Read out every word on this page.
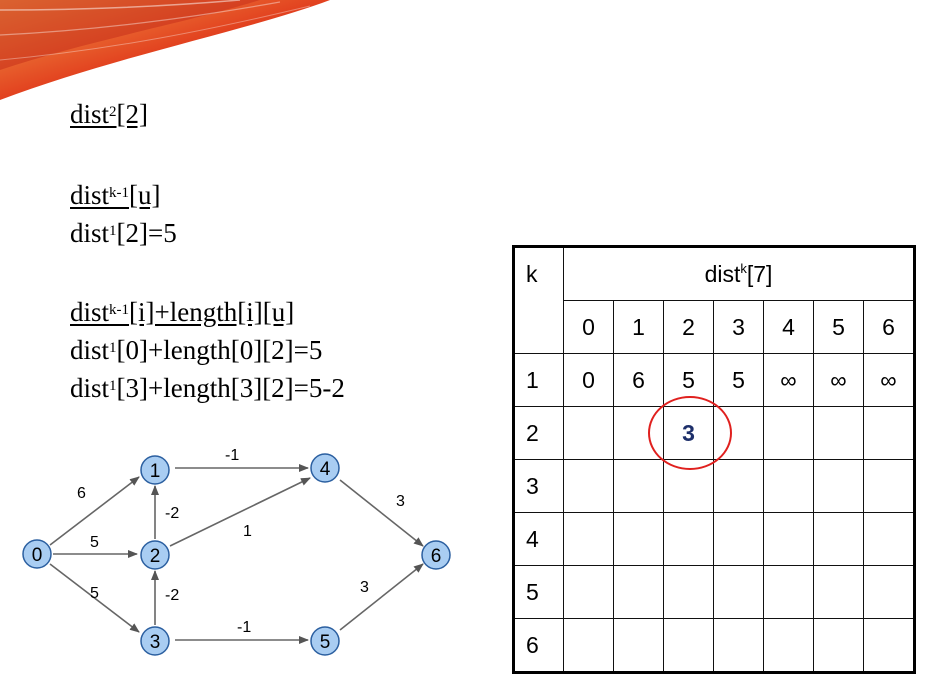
dist$^2$[2]
dist$^{k-1}$[u]
dist$^1$[2]=5
dist$^{k-1}$[i]+length[i][u]
dist$^1$[0]+length[0][2]=5
dist$^1$[3]+length[3][2]=5-2
6
5
5
-1
-2
1
-2
-1
3
3
0
1
2
3
4
5
6
k	dist$^k$[7]						
	0	1	2	3	4	5	6
1	0	6	5	5	∞	∞	∞
2			3				
3							
4							
5							
6							
